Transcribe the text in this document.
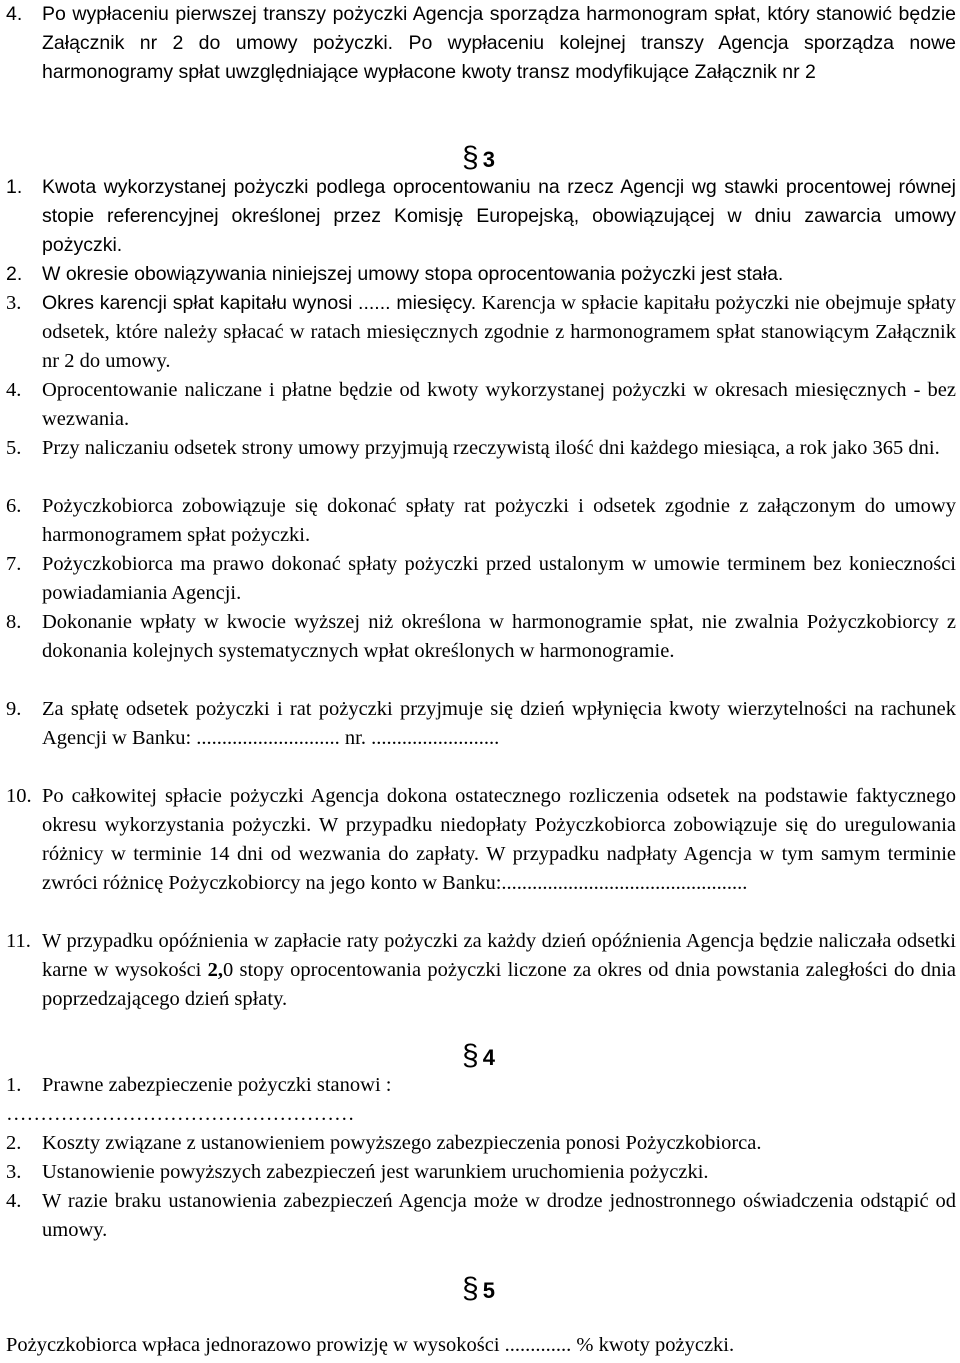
4.	Po wypłaceniu pierwszej transzy pożyczki Agencja sporządza harmonogram spłat, który stanowić będzie Załącznik nr 2 do umowy pożyczki. Po wypłaceniu kolejnej transzy Agencja sporządza nowe harmonogramy spłat uwzględniające wypłacone kwoty transz modyfikujące Załącznik nr 2
§ 3
1.	Kwota wykorzystanej pożyczki podlega oprocentowaniu na rzecz Agencji wg stawki procentowej równej stopie referencyjnej określonej przez Komisję Europejską, obowiązującej w dniu zawarcia umowy pożyczki.
2.	W okresie obowiązywania niniejszej umowy stopa oprocentowania pożyczki jest stała.
3.	Okres karencji spłat kapitału wynosi ...... miesięcy. Karencja w spłacie kapitału pożyczki nie obejmuje spłaty odsetek, które należy spłacać w ratach miesięcznych zgodnie z harmonogramem spłat stanowiącym Załącznik nr 2 do umowy.
4.	Oprocentowanie naliczane i płatne będzie od kwoty wykorzystanej pożyczki w okresach miesięcznych - bez wezwania.
5.	Przy naliczaniu odsetek strony umowy przyjmują rzeczywistą ilość dni każdego miesiąca, a rok jako 365 dni.
6.	Pożyczkobiorca zobowiązuje się dokonać spłaty rat pożyczki i odsetek zgodnie z załączonym do umowy harmonogramem spłat pożyczki.
7.	Pożyczkobiorca ma prawo dokonać spłaty pożyczki przed ustalonym w umowie terminem bez konieczności powiadamiania Agencji.
8.	Dokonanie wpłaty w kwocie wyższej niż określona w harmonogramie spłat, nie zwalnia Pożyczkobiorcy z dokonania kolejnych systematycznych wpłat określonych w harmonogramie.
9.	Za spłatę odsetek pożyczki i rat pożyczki przyjmuje się dzień wpłynięcia kwoty wierzytelności na rachunek Agencji w Banku: ............................ nr. .........................
10. Po całkowitej spłacie pożyczki Agencja dokona ostatecznego rozliczenia odsetek na podstawie faktycznego okresu wykorzystania pożyczki. W przypadku niedopłaty Pożyczkobiorca zobowiązuje się do uregulowania różnicy w terminie 14 dni od wezwania do zapłaty. W przypadku nadpłaty Agencja w tym samym terminie zwróci różnicę Pożyczkobiorcy na jego konto w Banku:................................................
11. W przypadku opóźnienia w zapłacie raty pożyczki za każdy dzień opóźnienia Agencja będzie naliczała odsetki karne w wysokości 2,0 stopy oprocentowania pożyczki liczone za okres od dnia powstania zaległości do dnia poprzedzającego dzień spłaty.
§ 4
1.	Prawne zabezpieczenie pożyczki stanowi :
……………………………………………
2.	Koszty związane z ustanowieniem powyższego zabezpieczenia ponosi Pożyczkobiorca.
3.	Ustanowienie powyższych zabezpieczeń jest warunkiem uruchomienia pożyczki.
4.	W razie braku ustanowienia zabezpieczeń Agencja może w drodze jednostronnego oświadczenia odstąpić od umowy.
§ 5
Pożyczkobiorca wpłaca jednorazowo prowizję w wysokości ............. % kwoty pożyczki.
